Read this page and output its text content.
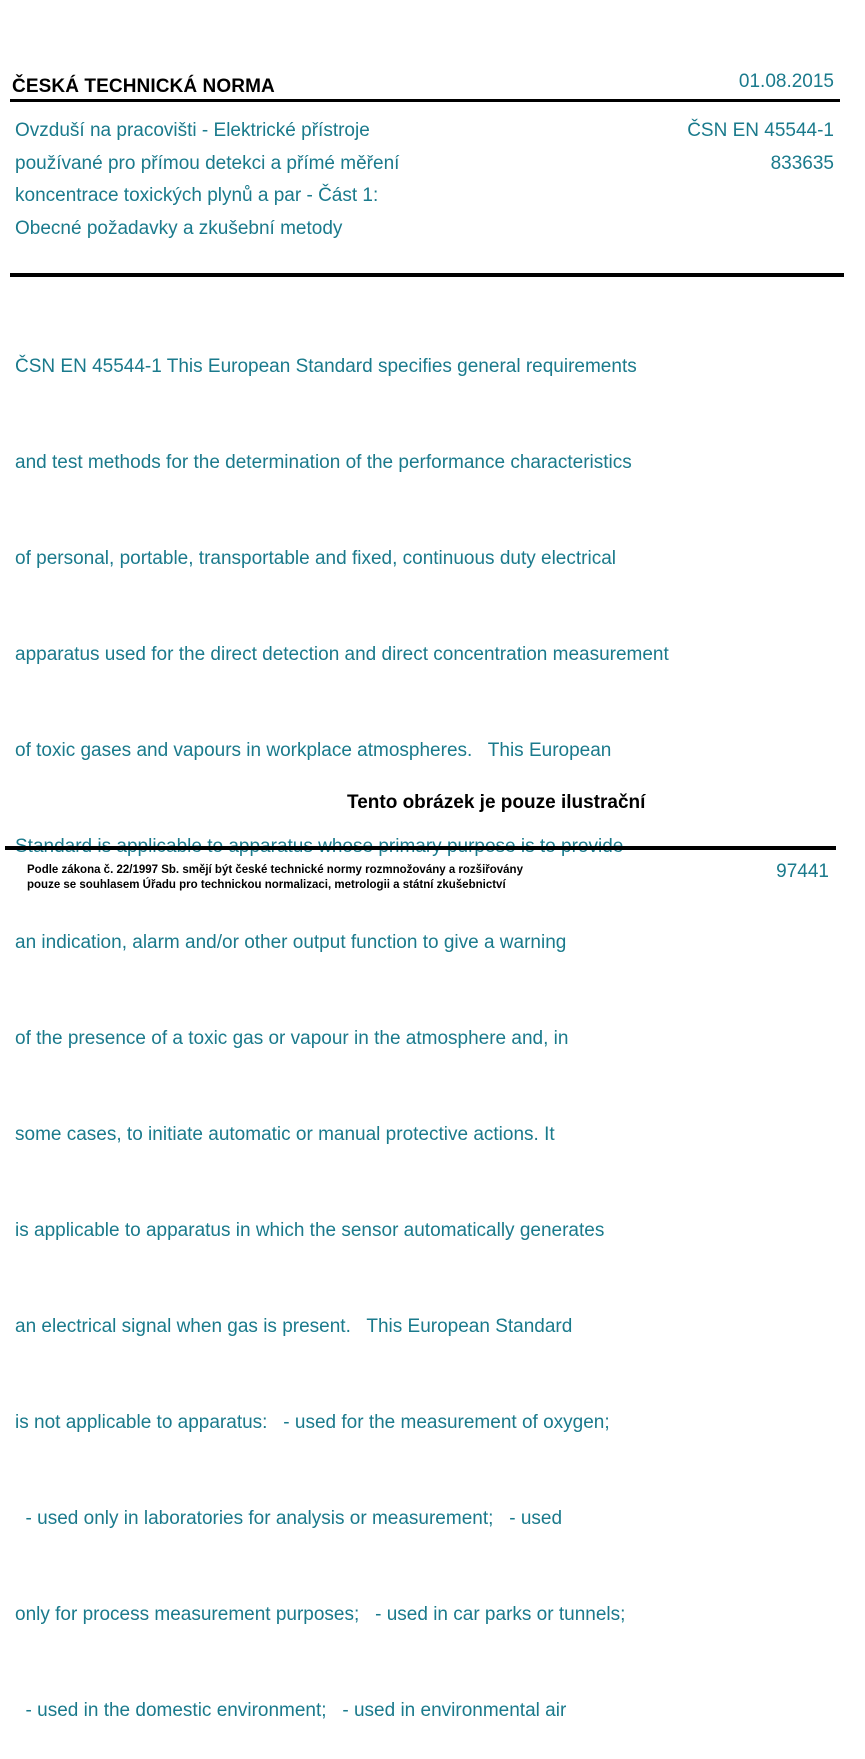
ČESKÁ TECHNICKÁ NORMA	01.08.2015
Ovzduší na pracovišti - Elektrické přístroje
používané pro přímou detekci a přímé měření
koncentrace toxických plynů a par - Část 1:
Obecné požadavky a zkušební metody
ČSN EN 45544-1
833635

ČSN EN 45544-1 This European Standard specifies general requirements

and test methods for the determination of the performance characteristics

of personal, portable, transportable and fixed, continuous duty electrical

apparatus used for the direct detection and direct concentration measurement

of toxic gases and vapours in workplace atmospheres.   This European

an indication, alarm and/or other output function to give a warning

of the presence of a toxic gas or vapour in the atmosphere and, in

some cases, to initiate automatic or manual protective actions. It

is applicable to apparatus in which the sensor automatically generates

an electrical signal when gas is present.   This European Standard

is not applicable to apparatus:   - used for the measurement of oxygen;

- used only in laboratories for analysis or measurement;   - used

only for process measurement purposes;   - used in car parks or tunnels;

- used in the domestic environment;   - used in environmental air

Tento obrázek je pouze ilustrační
Podle zákona č. 22/1997 Sb. smějí být české technické normy rozmnožovány a rozšiřovány
pouze se souhlasem Úřadu pro technickou normalizaci, metrologii a státní zkušebnictví
97441
